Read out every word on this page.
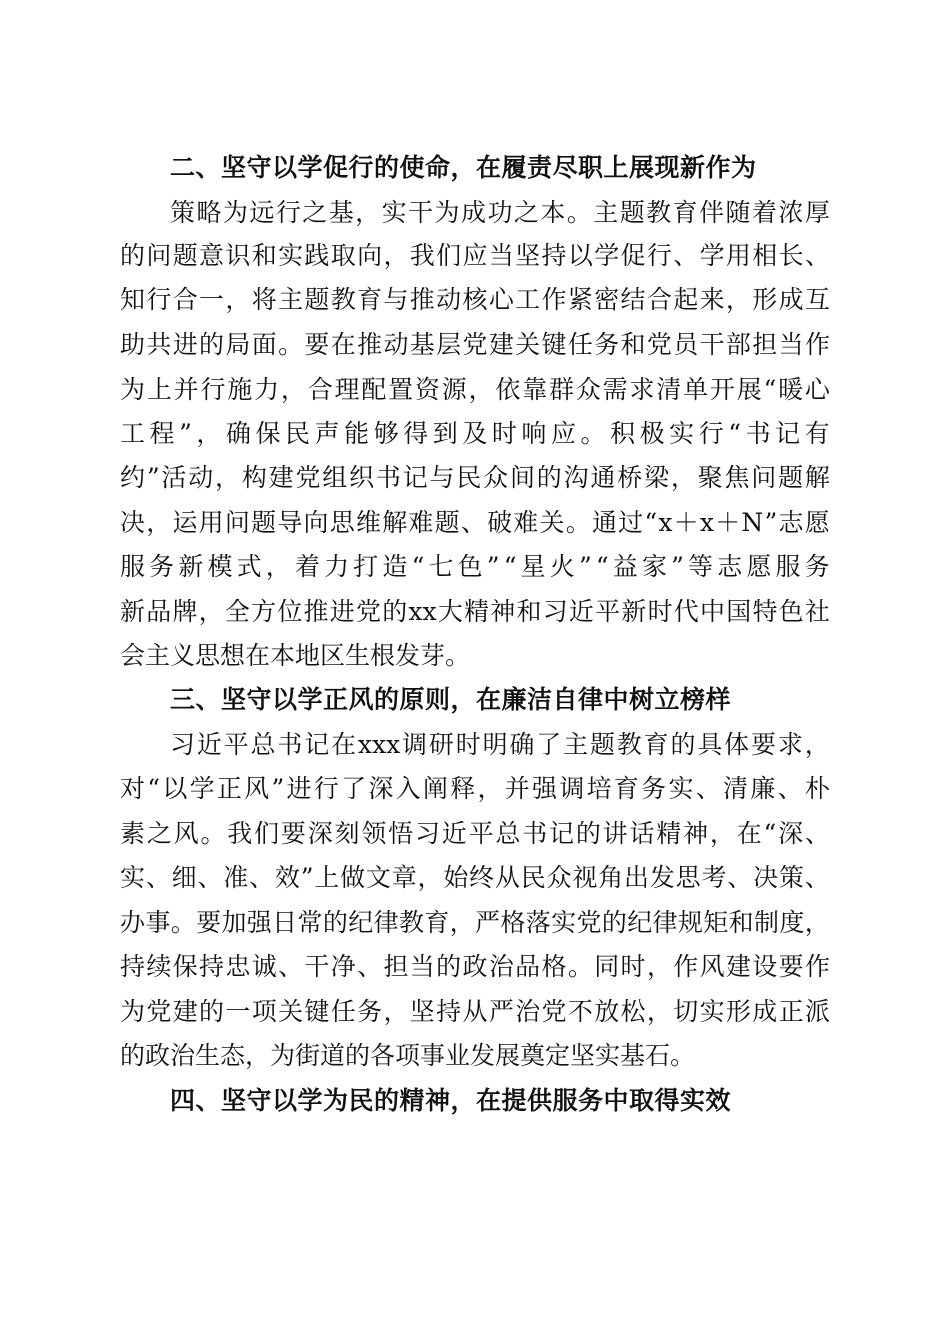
二、坚守以学促行的使命，在履责尽职上展现新作为
策 略 为 远 行 之 基 ， 实 干 为 成 功 之 本 。 主 题 教 育 伴 随 着 浓 厚
的 问 题 意 识 和 实 践 取 向 ， 我 们 应 当 坚 持 以 学 促 行 、 学 用 相 长 、
知 行 合 一 ， 将 主 题 教 育 与 推 动 核 心 工 作 紧 密 结 合 起 来 ， 形 成 互
助 共 进 的 局 面 。 要 在 推 动 基 层 党 建 关 键 任 务 和 党 员 干 部 担 当 作
为 上 并 行 施 力 ， 合 理 配 置 资 源 ， 依 靠 群 众 需 求 清 单 开 展 “ 暖 心
工 程 ” ， 确 保 民 声 能 够 得 到 及 时 响 应 。 积 极 实 行 “ 书 记 有
约 ” 活 动 ， 构 建 党 组 织 书 记 与 民 众 间 的 沟 通 桥 梁 ， 聚 焦 问 题 解
决 ， 运 用 问 题 导 向 思 维 解 难 题 、 破 难 关 。 通 过 “ x ＋ x ＋ N ” 志 愿
服 务 新 模 式 ， 着 力 打 造 “ 七 色 ” “ 星 火 ” “ 益 家 ” 等 志 愿 服 务
新 品 牌 ， 全 方 位 推 进 党 的 xx 大 精 神 和 习 近 平 新 时 代 中 国 特 色 社
会主义思想在本地区生根发芽。
三、坚守以学正风的原则，在廉洁自律中树立榜样
习 近 平 总 书 记 在 xxx 调 研 时 明 确 了 主 题 教 育 的 具 体 要 求 ，
对 “ 以 学 正 风 ” 进 行 了 深 入 阐 释 ， 并 强 调 培 育 务 实 、 清 廉 、 朴
素 之 风 。 我 们 要 深 刻 领 悟 习 近 平 总 书 记 的 讲 话 精 神 ， 在 “ 深 、
实 、 细 、 准 、 效 ” 上 做 文 章 ， 始 终 从 民 众 视 角 出 发 思 考 、 决 策 、
办 事 。 要 加 强 日 常 的 纪 律 教 育 ， 严 格 落 实 党 的 纪 律 规 矩 和 制 度 ，
持 续 保 持 忠 诚 、 干 净 、 担 当 的 政 治 品 格 。 同 时 ， 作 风 建 设 要 作
为 党 建 的 一 项 关 键 任 务 ， 坚 持 从 严 治 党 不 放 松 ， 切 实 形 成 正 派
的政治生态，为街道的各项事业发展奠定坚实基石。
四、坚守以学为民的精神，在提供服务中取得实效
